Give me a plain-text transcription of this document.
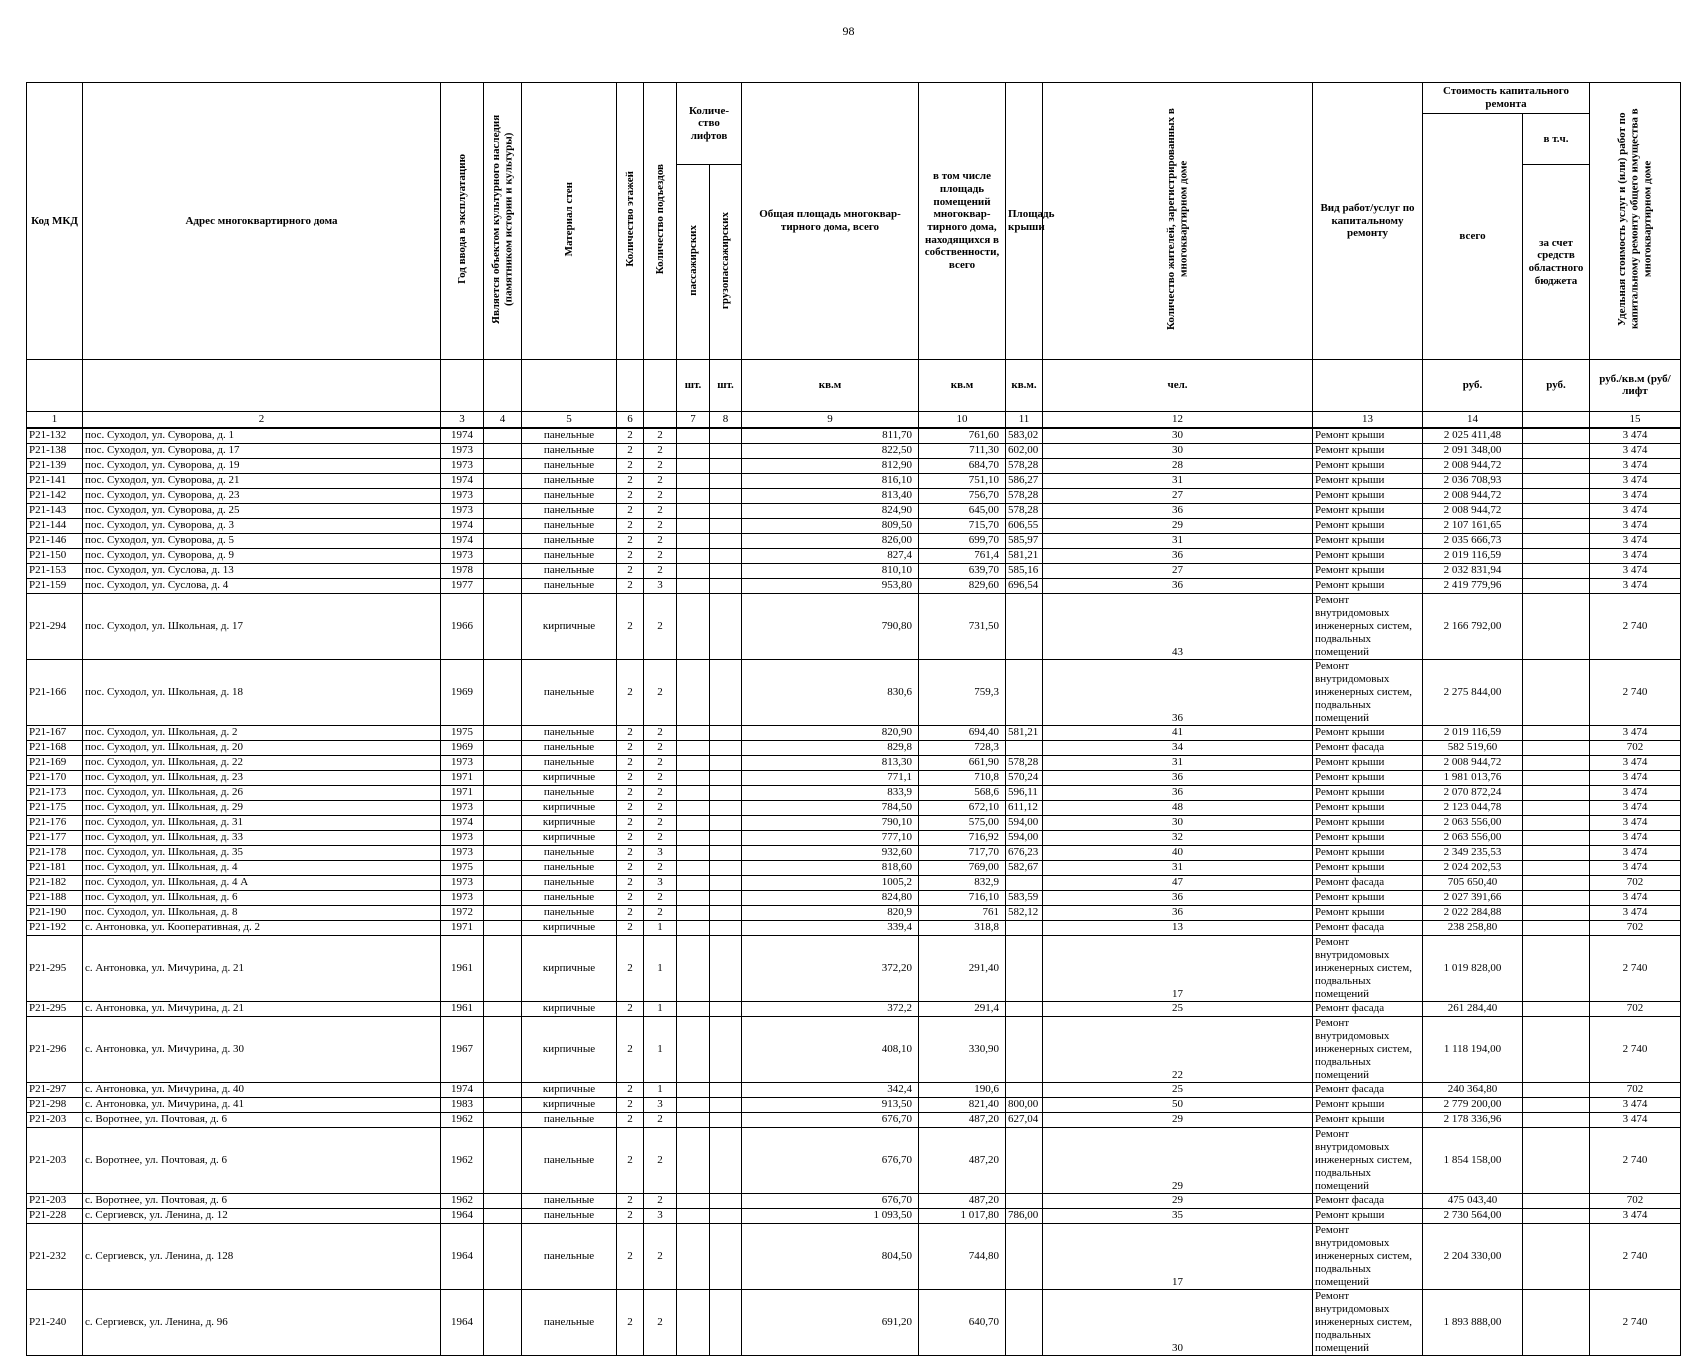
98
Код МКД	Адрес многоквартирного дома	Год ввода в эксплуатацию	Является объектом культурного наследия (памятником истории и культуры)	Материал стен	Количество этажей	Количество подъездов	Количе-ство лифтов		Общая площадь многоквар-тирного дома, всего	в том числе площадь помещений многоквар-тирного дома, находящихся в собственности, всего	Площадь крыши	Количество жителей, зарегистрированных в многоквартирном доме	Вид работ/услуг по капитальному ремонту	Стоимость капитального ремонта		Удельная стоимость услуг и (или) работ по капитальному ремонту общего имущества в многоквартирном доме	
														всего	в т.ч.		
							пассажирских	грузопассажирских							за счет средств областного бюджета		
							шт.	шт.	кв.м	кв.м	кв.м.	чел.		руб.	руб.	руб./кв.м (руб/лифт	
1	2	3	4	5	6		7	8	9	10	11	12	13	14		15	
Р21-132	пос. Суходол, ул. Суворова, д. 1	1974		панельные	2	2			811,70	761,60	583,02	30	Ремонт крыши	2 025 411,48		3 474	
Р21-138	пос. Суходол, ул. Суворова, д. 17	1973		панельные	2	2			822,50	711,30	602,00	30	Ремонт крыши	2 091 348,00		3 474	
Р21-139	пос. Суходол, ул. Суворова, д. 19	1973		панельные	2	2			812,90	684,70	578,28	28	Ремонт крыши	2 008 944,72		3 474	
Р21-141	пос. Суходол, ул. Суворова, д. 21	1974		панельные	2	2			816,10	751,10	586,27	31	Ремонт крыши	2 036 708,93		3 474	
Р21-142	пос. Суходол, ул. Суворова, д. 23	1973		панельные	2	2			813,40	756,70	578,28	27	Ремонт крыши	2 008 944,72		3 474	
Р21-143	пос. Суходол, ул. Суворова, д. 25	1973		панельные	2	2			824,90	645,00	578,28	36	Ремонт крыши	2 008 944,72		3 474	
Р21-144	пос. Суходол, ул. Суворова, д. 3	1974		панельные	2	2			809,50	715,70	606,55	29	Ремонт крыши	2 107 161,65		3 474	
Р21-146	пос. Суходол, ул. Суворова, д. 5	1974		панельные	2	2			826,00	699,70	585,97	31	Ремонт крыши	2 035 666,73		3 474	
Р21-150	пос. Суходол, ул. Суворова, д. 9	1973		панельные	2	2			827,4	761,4	581,21	36	Ремонт крыши	2 019 116,59		3 474	
Р21-153	пос. Суходол, ул. Суслова, д. 13	1978		панельные	2	2			810,10	639,70	585,16	27	Ремонт крыши	2 032 831,94		3 474	
Р21-159	пос. Суходол, ул. Суслова, д. 4	1977		панельные	2	3			953,80	829,60	696,54	36	Ремонт крыши	2 419 779,96		3 474	
Р21-294	пос. Суходол, ул. Школьная, д. 17	1966		кирпичные	2	2			790,80	731,50		43	Ремонт внутридомовых инженерных систем, подвальных помещений	2 166 792,00		2 740	
Р21-166	пос. Суходол, ул. Школьная, д. 18	1969		панельные	2	2			830,6	759,3		36	Ремонт внутридомовых инженерных систем, подвальных помещений	2 275 844,00		2 740	
Р21-167	пос. Суходол, ул. Школьная, д. 2	1975		панельные	2	2			820,90	694,40	581,21	41	Ремонт крыши	2 019 116,59		3 474	
Р21-168	пос. Суходол, ул. Школьная, д. 20	1969		панельные	2	2			829,8	728,3		34	Ремонт фасада	582 519,60		702	
Р21-169	пос. Суходол, ул. Школьная, д. 22	1973		панельные	2	2			813,30	661,90	578,28	31	Ремонт крыши	2 008 944,72		3 474	
Р21-170	пос. Суходол, ул. Школьная, д. 23	1971		кирпичные	2	2			771,1	710,8	570,24	36	Ремонт крыши	1 981 013,76		3 474	
Р21-173	пос. Суходол, ул. Школьная, д. 26	1971		панельные	2	2			833,9	568,6	596,11	36	Ремонт крыши	2 070 872,24		3 474	
Р21-175	пос. Суходол, ул. Школьная, д. 29	1973		кирпичные	2	2			784,50	672,10	611,12	48	Ремонт крыши	2 123 044,78		3 474	
Р21-176	пос. Суходол, ул. Школьная, д. 31	1974		кирпичные	2	2			790,10	575,00	594,00	30	Ремонт крыши	2 063 556,00		3 474	
Р21-177	пос. Суходол, ул. Школьная, д. 33	1973		кирпичные	2	2			777,10	716,92	594,00	32	Ремонт крыши	2 063 556,00		3 474	
Р21-178	пос. Суходол, ул. Школьная, д. 35	1973		панельные	2	3			932,60	717,70	676,23	40	Ремонт крыши	2 349 235,53		3 474	
Р21-181	пос. Суходол, ул. Школьная, д. 4	1975		панельные	2	2			818,60	769,00	582,67	31	Ремонт крыши	2 024 202,53		3 474	
Р21-182	пос. Суходол, ул. Школьная, д. 4 А	1973		панельные	2	3			1005,2	832,9		47	Ремонт фасада	705 650,40		702	
Р21-188	пос. Суходол, ул. Школьная, д. 6	1973		панельные	2	2			824,80	716,10	583,59	36	Ремонт крыши	2 027 391,66		3 474	
Р21-190	пос. Суходол, ул. Школьная, д. 8	1972		панельные	2	2			820,9	761	582,12	36	Ремонт крыши	2 022 284,88		3 474	
Р21-192	с. Антоновка, ул. Кооперативная, д. 2	1971		кирпичные	2	1			339,4	318,8		13	Ремонт фасада	238 258,80		702	
Р21-295	с. Антоновка, ул. Мичурина, д. 21	1961		кирпичные	2	1			372,20	291,40		17	Ремонт внутридомовых инженерных систем, подвальных помещений	1 019 828,00		2 740	
Р21-295	с. Антоновка, ул. Мичурина, д. 21	1961		кирпичные	2	1			372,2	291,4		25	Ремонт фасада	261 284,40		702	
Р21-296	с. Антоновка, ул. Мичурина, д. 30	1967		кирпичные	2	1			408,10	330,90		22	Ремонт внутридомовых инженерных систем, подвальных помещений	1 118 194,00		2 740	
Р21-297	с. Антоновка, ул. Мичурина, д. 40	1974		кирпичные	2	1			342,4	190,6		25	Ремонт фасада	240 364,80		702	
Р21-298	с. Антоновка, ул. Мичурина, д. 41	1983		кирпичные	2	3			913,50	821,40	800,00	50	Ремонт крыши	2 779 200,00		3 474	
Р21-203	с. Воротнее, ул. Почтовая, д. 6	1962		панельные	2	2			676,70	487,20	627,04	29	Ремонт крыши	2 178 336,96		3 474	
Р21-203	с. Воротнее, ул. Почтовая, д. 6	1962		панельные	2	2			676,70	487,20		29	Ремонт внутридомовых инженерных систем, подвальных помещений	1 854 158,00		2 740	
Р21-203	с. Воротнее, ул. Почтовая, д. 6	1962		панельные	2	2			676,70	487,20		29	Ремонт фасада	475 043,40		702	
Р21-228	с. Сергиевск, ул. Ленина, д. 12	1964		панельные	2	3			1 093,50	1 017,80	786,00	35	Ремонт крыши	2 730 564,00		3 474	
Р21-232	с. Сергиевск, ул. Ленина, д. 128	1964		панельные	2	2			804,50	744,80		17	Ремонт внутридомовых инженерных систем, подвальных помещений	2 204 330,00		2 740	
Р21-240	с. Сергиевск, ул. Ленина, д. 96	1964		панельные	2	2			691,20	640,70		30	Ремонт внутридомовых инженерных систем, подвальных помещений	1 893 888,00		2 740	
